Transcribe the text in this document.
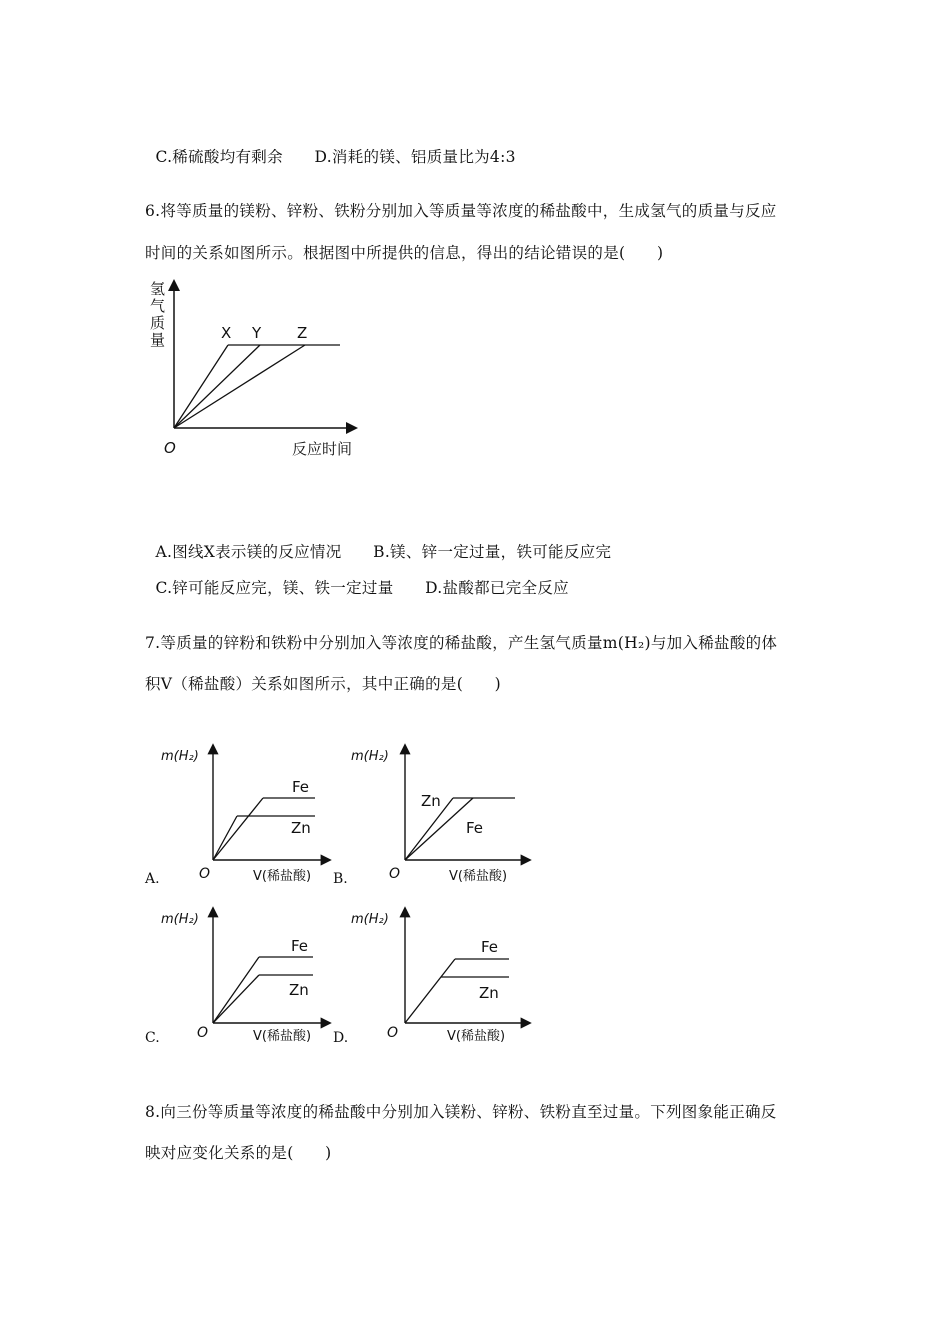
C.稀硫酸均有剩余　　 D.消耗的镁、铝质量比为4:3

6.将等质量的镁粉、锌粉、铁粉分别加入等质量等浓度的稀盐酸中，生成氢气的质量与反应
时间的关系如图所示。根据图中所提供的信息，得出的结论错误的是(　　)
氢
气
质
量	X Y Z
O	反应时间

A.图线X表示镁的反应情况　　 B.镁、锌一定过量，铁可能反应完

C.锌可能反应完，镁、铁一定过量　　 D.盐酸都已完全反应

7.等质量的锌粉和铁粉中分别加入等浓度的稀盐酸，产生氢气质量m(H₂)与加入稀盐酸的体
积V（稀盐酸）关系如图所示，其中正确的是(　　)
m(H₂)
Fe
Zn
O	V(稀盐酸)
A.
m(H₂)
Zn
Fe
O	V(稀盐酸)
B.
m(H₂)
Fe
Zn
O	V(稀盐酸)
C.
m(H₂)
Fe
Zn
O	V(稀盐酸)
D.
8.向三份等质量等浓度的稀盐酸中分别加入镁粉、锌粉、铁粉直至过量。下列图象能正确反
映对应变化关系的是(　　)
